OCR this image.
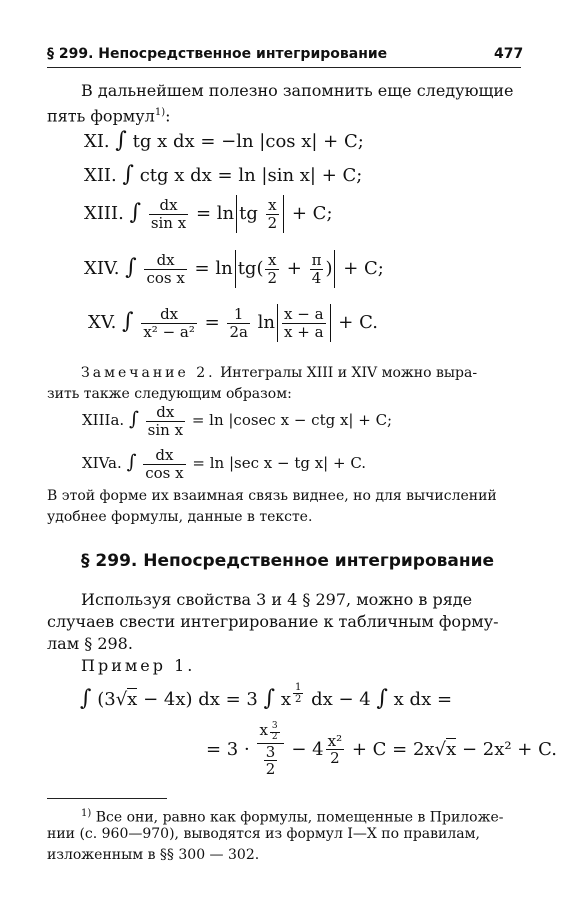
§ 299. Непосредственное интегрирование	477
В дальнейшем полезно запомнить еще следующие
пять формул$^{1)}$:
XI. ∫ tg x dx = −ln |cos x| + C;
XII. ∫ ctg x dx = ln |sin x| + C;
XIII. ∫ $\frac{dx}{\text{sin x}} = \ln$ tg $\frac{x}{2} + C$;
XIV. ∫ $\frac{dx}{\text{cos x}} = \ln tg( \frac{x}{2} + \frac{\pi}{4}$ ) + C;
XV. ∫ $\frac{dx}{\text{x² − a²}} = \frac{1}{2a}$ $\ln \frac{x - a}{x + a} + C$.
Замечание 2. Интегралы XIII и XIV можно выра-
зить также следующим образом:
XIIIa. ∫ $\frac{dx}{\text{sin x}} = \ln |cosec$ x − ctg x| + C;
XIVa. ∫ $\frac{dx}{\text{cos x}} = \ln |\sec$ x − tg x| + C.
В этой форме их взаимная связь виднее, но для вычислений
удобнее формулы, данные в тексте.
§ 299. Непосредственное интегрирование
Используя свойства 3 и 4 § 297, можно в ряде
случаев свести интегрирование к табличным форму-
лам § 298.
Пример 1.
∫ (3√x − 4x) dx = 3 ∫ x $\frac{1}{2}$ dx − 4 ∫ x dx =
= $3 \cdot \frac{x \frac{3}{2}}{\frac{3}{2}} - 4 \frac{\text{x²}}{2} + C = 2x√x - 2x^2 + C$.
$^{1)}$ Все они, равно как формулы, помещенные в Приложе-
нии (с. 960—970), выводятся из формул I—X по правилам,
изложенным в §§ 300 — 302.
